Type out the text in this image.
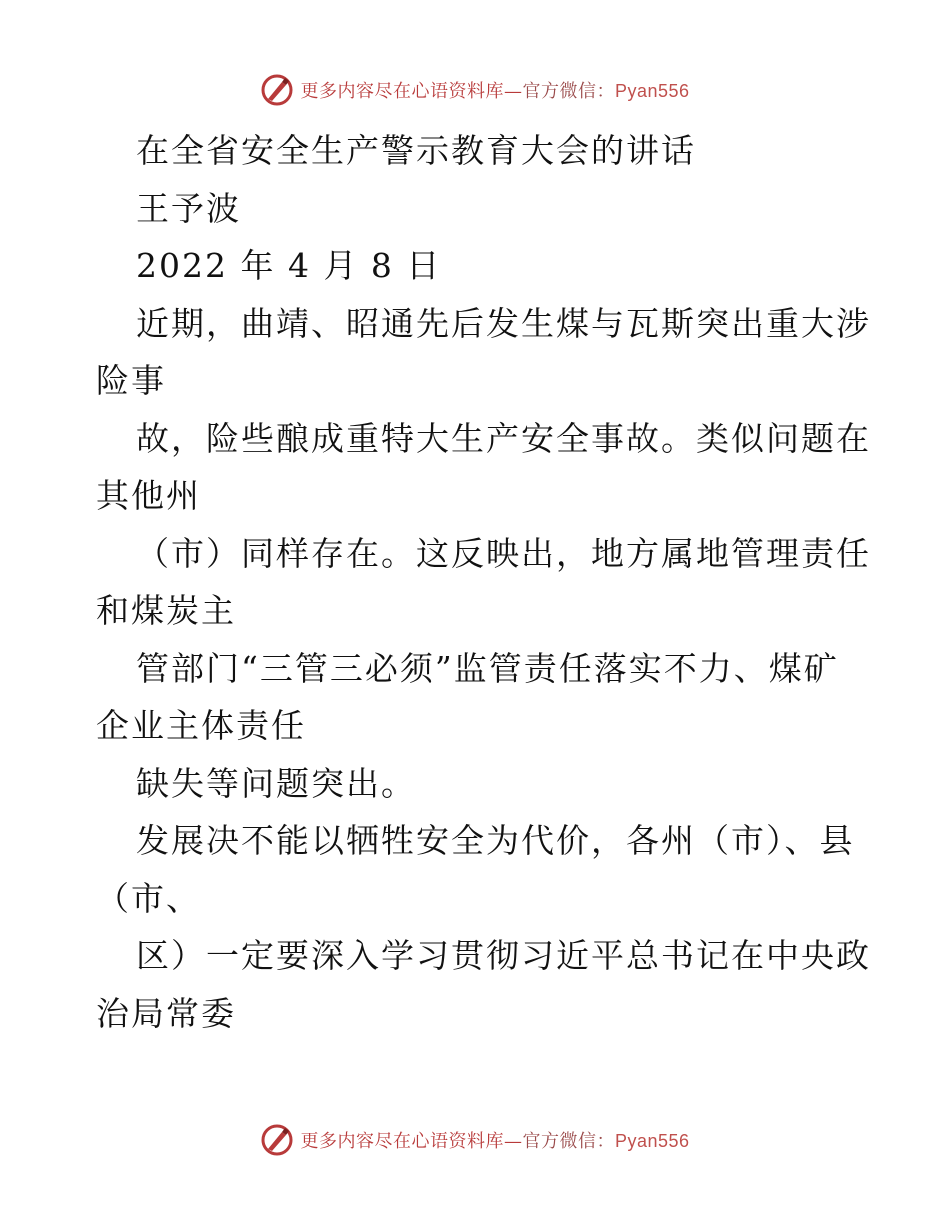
更多内容尽在心语资料库—官方微信：Pyan556
在全省安全生产警示教育大会的讲话
王予波
2022 年 4 月 8 日
近期，曲靖、昭通先后发生煤与瓦斯突出重大涉
险事
故，险些酿成重特大生产安全事故。类似问题在
其他州
（市）同样存在。这反映出，地方属地管理责任
和煤炭主
管部门“三管三必须”监管责任落实不力、煤矿
企业主体责任
缺失等问题突出。
发展决不能以牺牲安全为代价，各州（市）、县
（市、
区）一定要深入学习贯彻习近平总书记在中央政
治局常委
更多内容尽在心语资料库—官方微信：Pyan556
